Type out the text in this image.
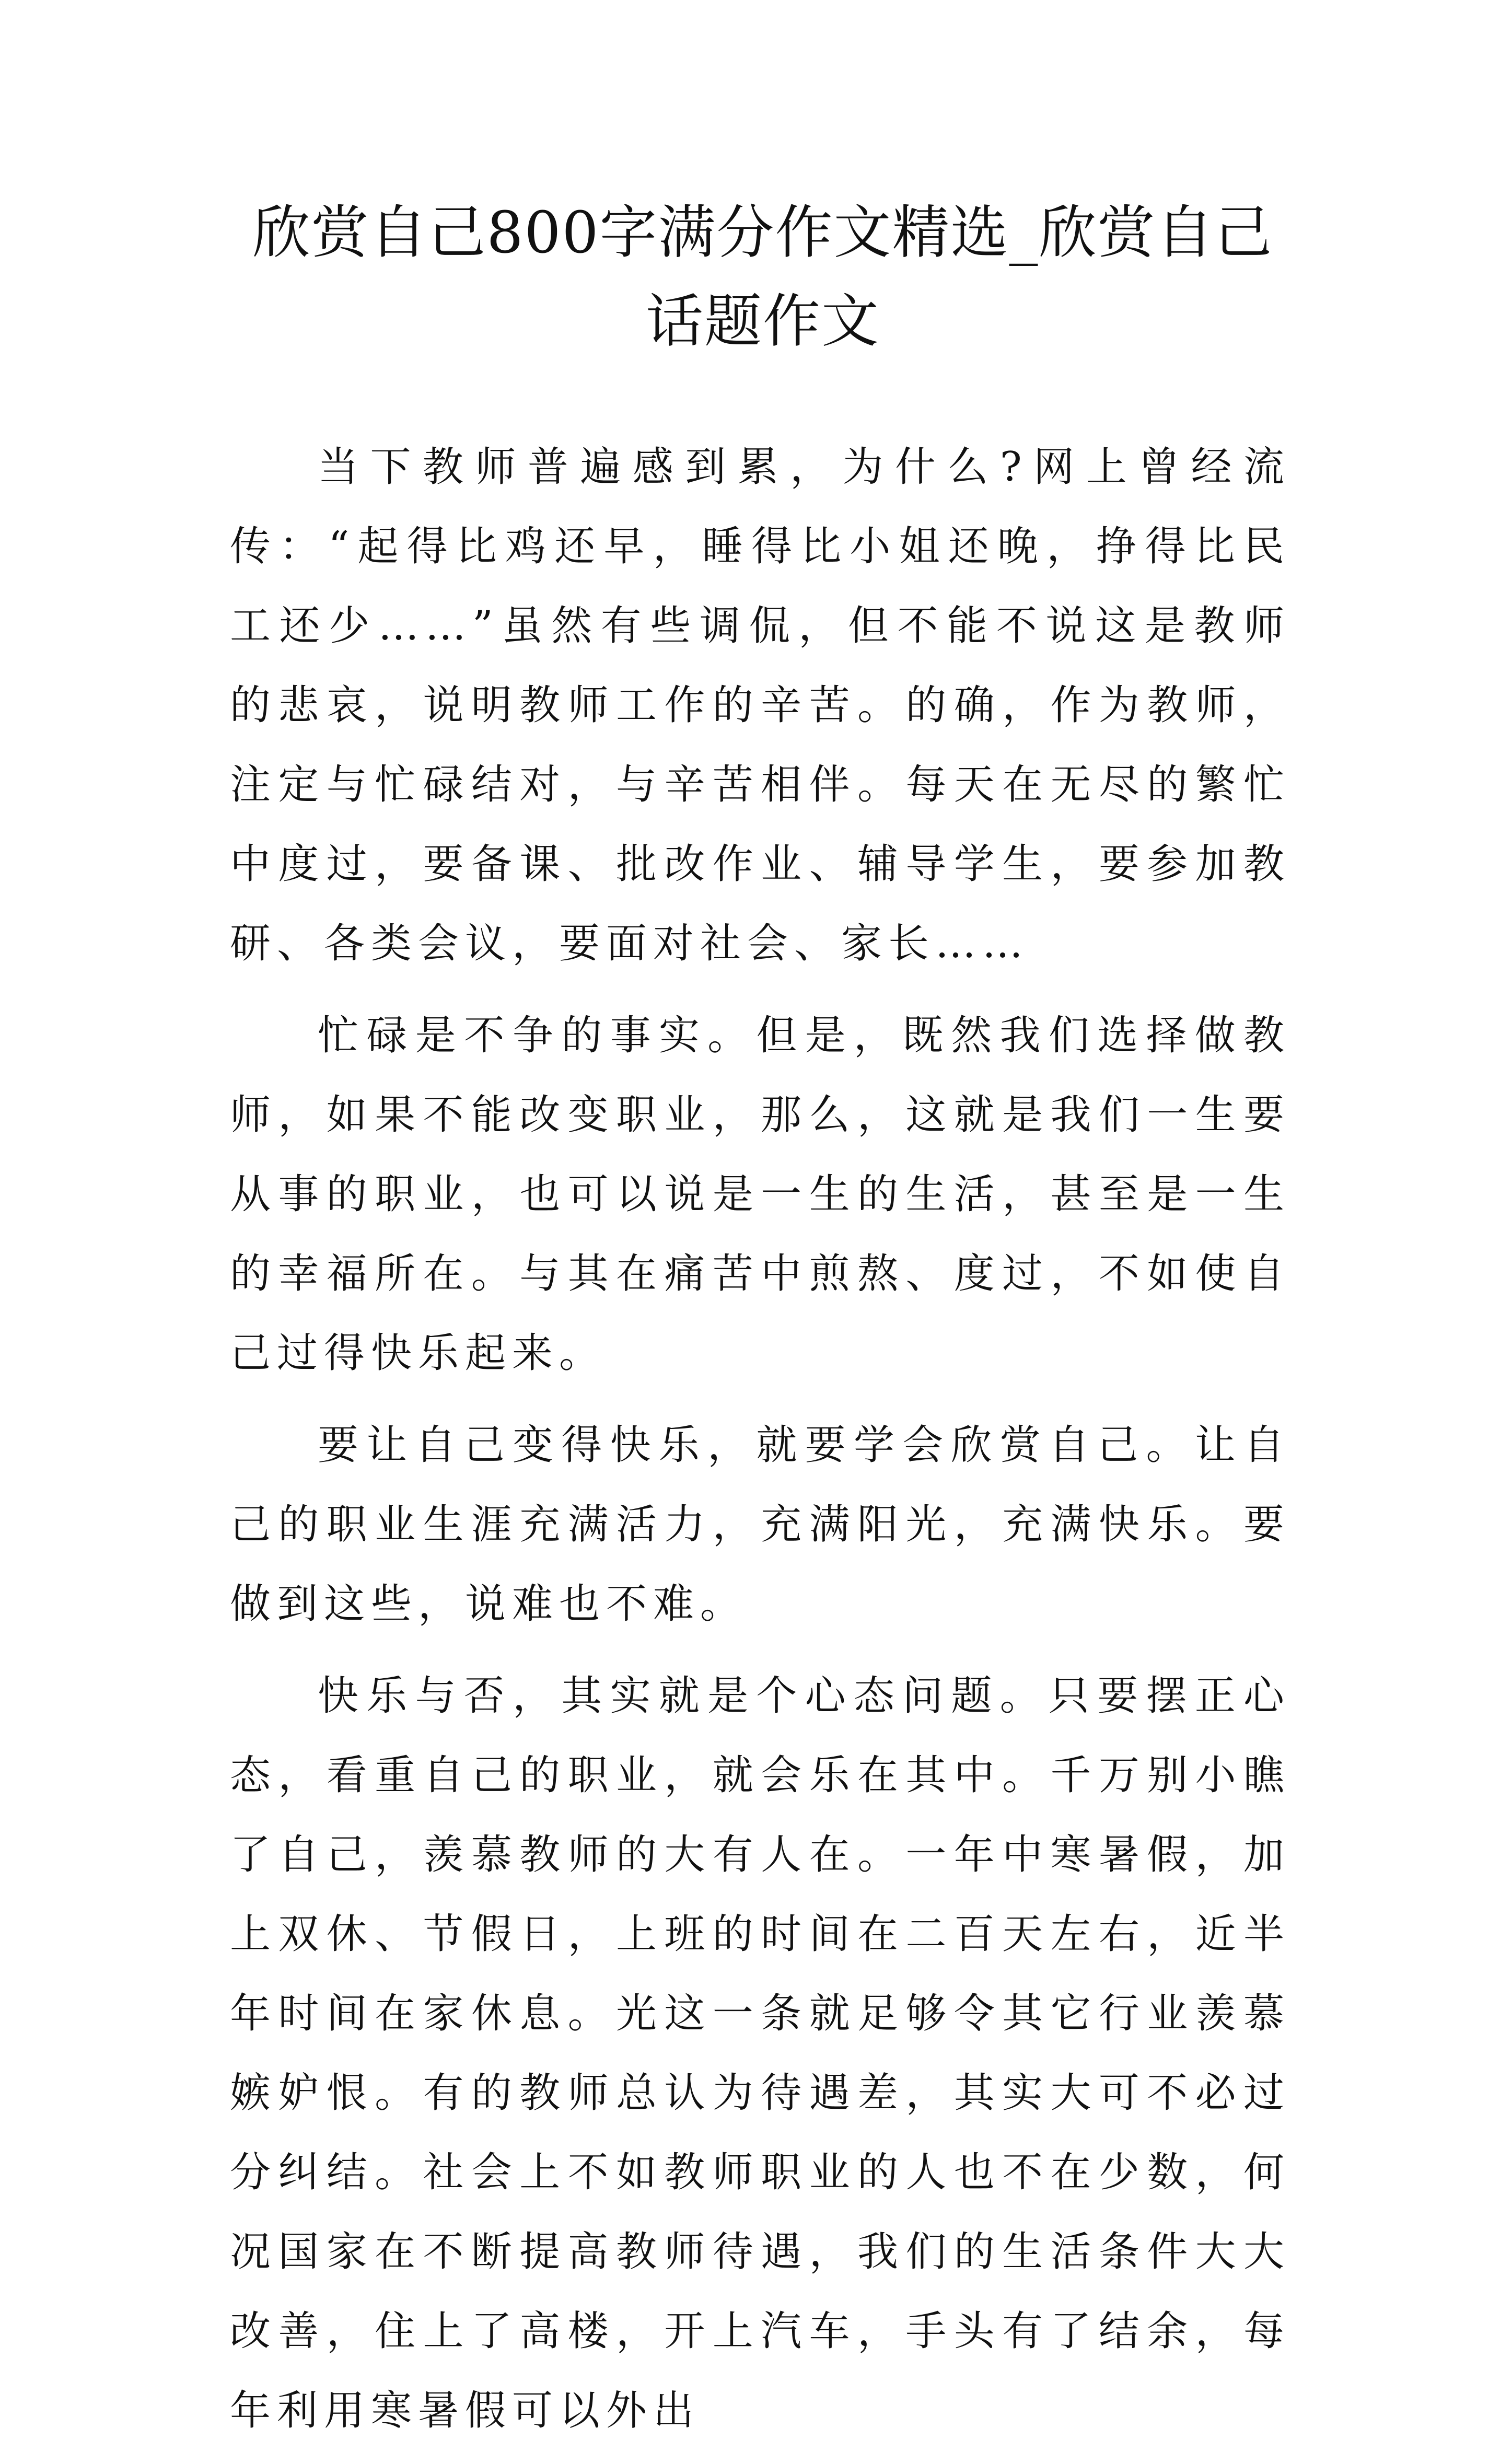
欣赏自己800字满分作文精选_欣赏自己话题作文

当下教师普遍感到累，为什么?网上曾经流传：“起得比鸡还早，睡得比小姐还晚，挣得比民工还少……”虽然有些调侃，但不能不说这是教师的悲哀，说明教师工作的辛苦。的确，作为教师，注定与忙碌结对，与辛苦相伴。每天在无尽的繁忙中度过，要备课、批改作业、辅导学生，要参加教研、各类会议，要面对社会、家长……

忙碌是不争的事实。但是，既然我们选择做教师，如果不能改变职业，那么，这就是我们一生要从事的职业，也可以说是一生的生活，甚至是一生的幸福所在。与其在痛苦中煎熬、度过，不如使自己过得快乐起来。

要让自己变得快乐，就要学会欣赏自己。让自己的职业生涯充满活力，充满阳光，充满快乐。要做到这些，说难也不难。

快乐与否，其实就是个心态问题。只要摆正心态，看重自己的职业，就会乐在其中。千万别小瞧了自己，羡慕教师的大有人在。一年中寒暑假，加上双休、节假日，上班的时间在二百天左右，近半年时间在家休息。光这一条就足够令其它行业羡慕嫉妒恨。有的教师总认为待遇差，其实大可不必过分纠结。社会上不如教师职业的人也不在少数，何况国家在不断提高教师待遇，我们的生活条件大大改善，住上了高楼，开上汽车，手头有了结余，每年利用寒暑假可以外出
